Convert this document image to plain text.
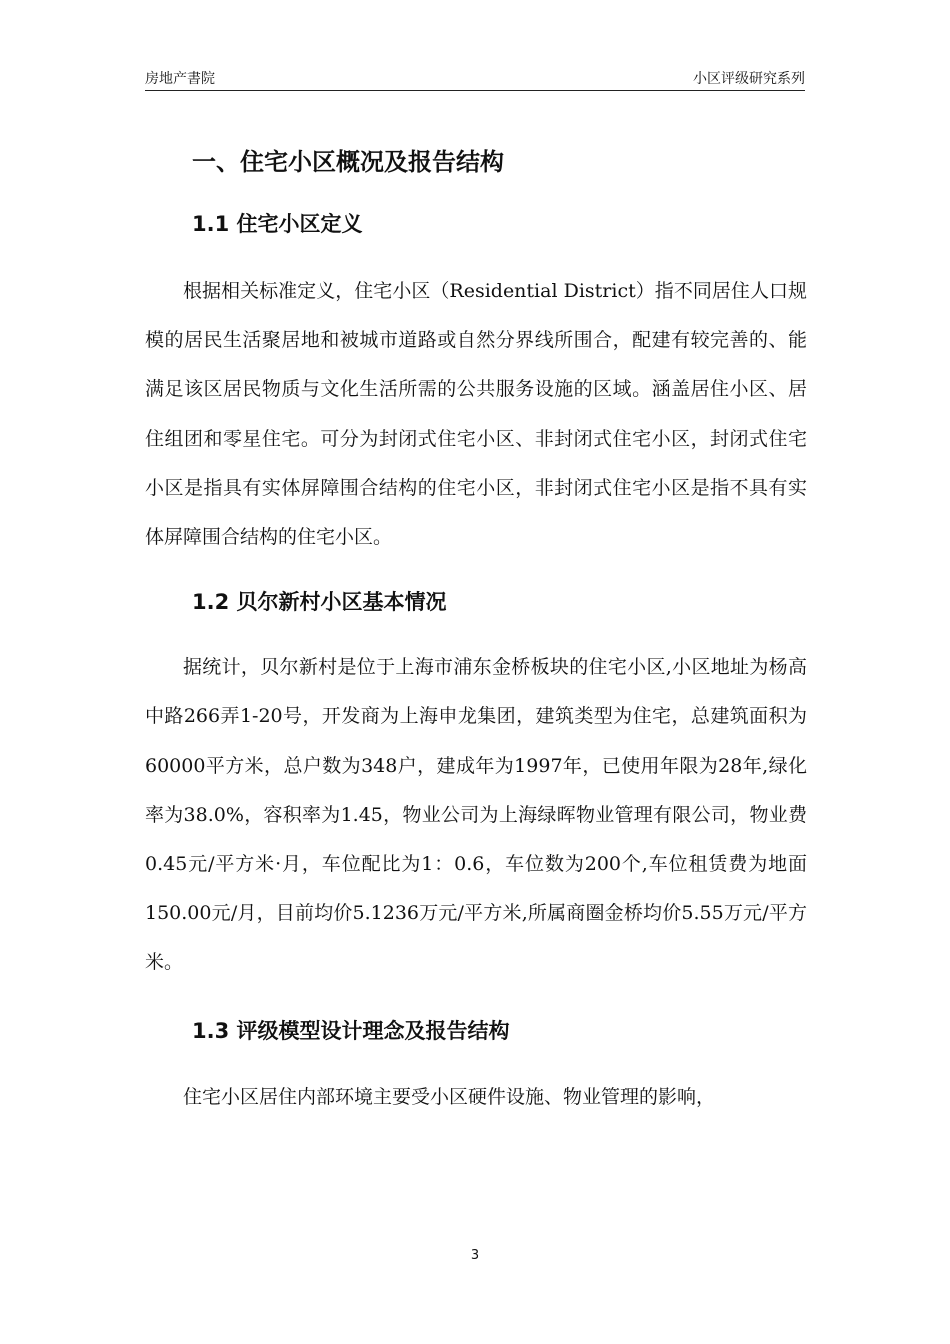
房地产書院	小区评级研究系列
一、住宅小区概况及报告结构
1.1 住宅小区定义

根据相关标准定义，住宅小区（Residential District）指不同居住人口规模的居民生活聚居地和被城市道路或自然分界线所围合，配建有较完善的、能满足该区居民物质与文化生活所需的公共服务设施的区域。涵盖居住小区、居住组团和零星住宅。可分为封闭式住宅小区、非封闭式住宅小区，封闭式住宅小区是指具有实体屏障围合结构的住宅小区，非封闭式住宅小区是指不具有实体屏障围合结构的住宅小区。

1.2 贝尔新村小区基本情况

据统计，贝尔新村是位于上海市浦东金桥板块的住宅小区,小区地址为杨高中路266弄1-20号，开发商为上海申龙集团，建筑类型为住宅，总建筑面积为60000平方米，总户数为348户，建成年为1997年，已使用年限为28年,绿化率为38.0%，容积率为1.45，物业公司为上海绿晖物业管理有限公司，物业费0.45元/平方米·月，车位配比为1：0.6，车位数为200个,车位租赁费为地面150.00元/月，目前均价5.1236万元/平方米,所属商圈金桥均价5.55万元/平方米。

1.3 评级模型设计理念及报告结构

住宅小区居住内部环境主要受小区硬件设施、物业管理的影响，

3
